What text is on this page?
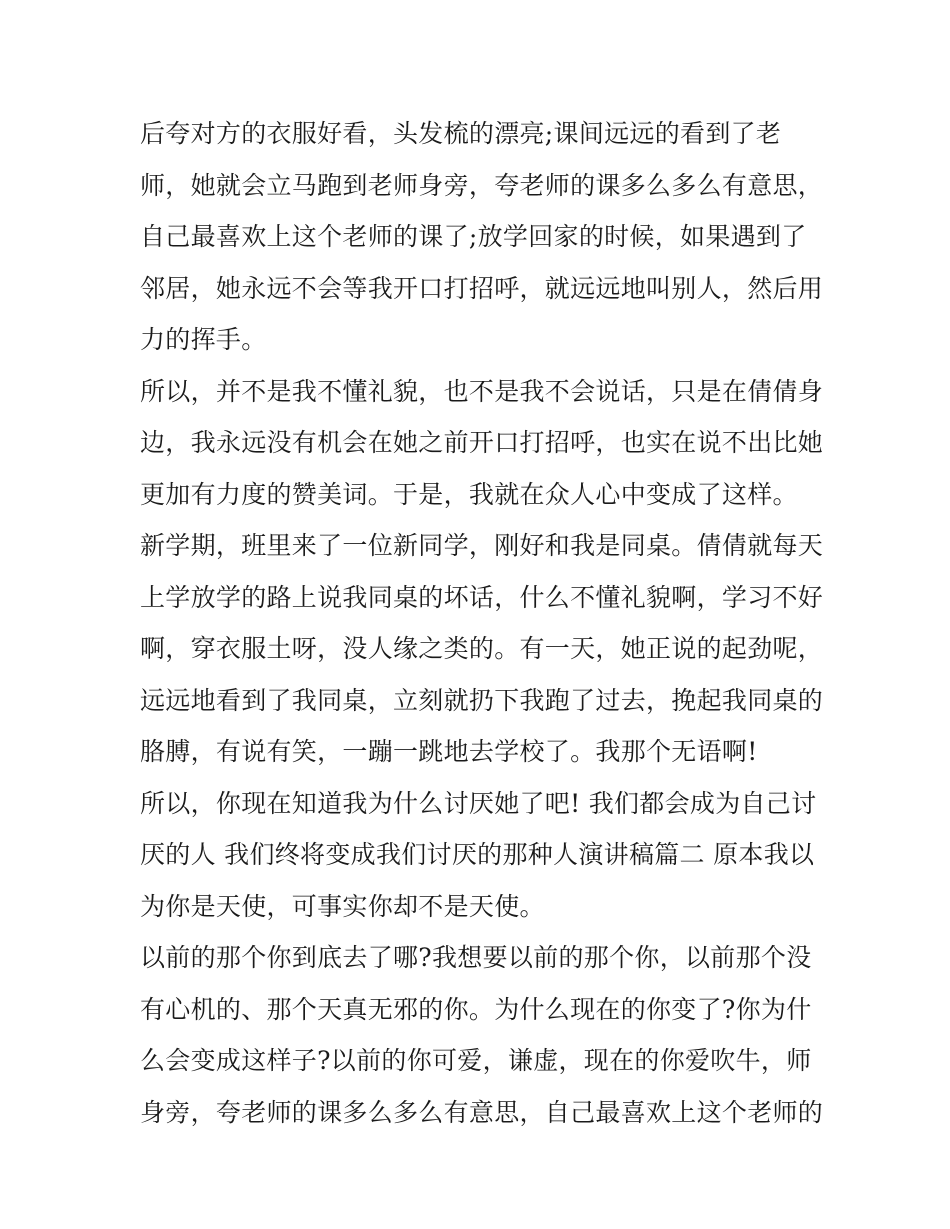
后夸对方的衣服好看，头发梳的漂亮;课间远远的看到了老
师，她就会立马跑到老师身旁，夸老师的课多么多么有意思，
自己最喜欢上这个老师的课了;放学回家的时候，如果遇到了
邻居，她永远不会等我开口打招呼，就远远地叫别人，然后用
力的挥手。
所以，并不是我不懂礼貌，也不是我不会说话，只是在倩倩身
边，我永远没有机会在她之前开口打招呼，也实在说不出比她
更加有力度的赞美词。于是，我就在众人心中变成了这样。
新学期，班里来了一位新同学，刚好和我是同桌。倩倩就每天
上学放学的路上说我同桌的坏话，什么不懂礼貌啊，学习不好
啊，穿衣服土呀，没人缘之类的。有一天，她正说的起劲呢，
远远地看到了我同桌，立刻就扔下我跑了过去，挽起我同桌的
胳膊，有说有笑，一蹦一跳地去学校了。我那个无语啊!
所以，你现在知道我为什么讨厌她了吧! 我们都会成为自己讨
厌的人 我们终将变成我们讨厌的那种人演讲稿篇二 原本我以
为你是天使，可事实你却不是天使。
以前的那个你到底去了哪?我想要以前的那个你，以前那个没
有心机的、那个天真无邪的你。为什么现在的你变了?你为什
么会变成这样子?以前的你可爱，谦虚，现在的你爱吹牛，师
身旁，夸老师的课多么多么有意思，自己最喜欢上这个老师的
